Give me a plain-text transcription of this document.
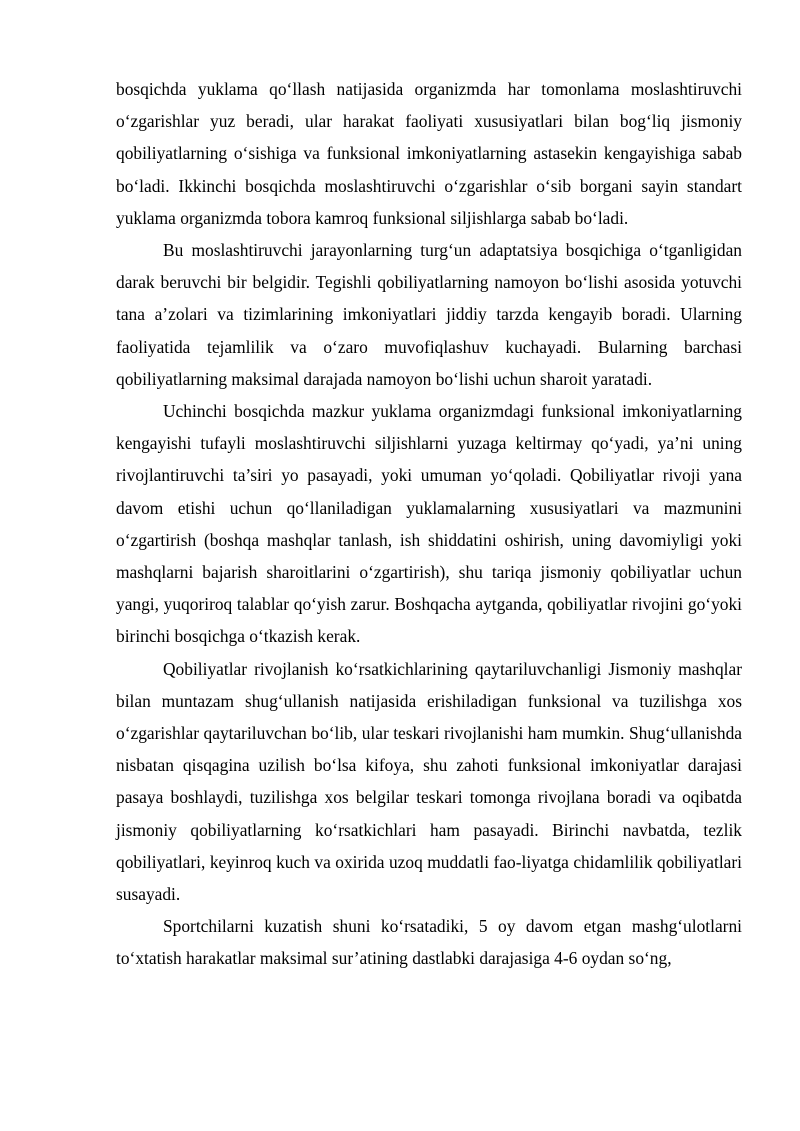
bosqichda yuklama qo‘llash natijasida organizmda har tomonlama moslashtiruvchi o‘zgarishlar yuz beradi, ular harakat faoliyati xususiyatlari bilan bog‘liq jismoniy qobiliyatlarning o‘sishiga va funksional imkoniyatlarning astasekin kengayishiga sabab bo‘ladi. Ikkinchi bosqichda moslashtiruvchi o‘zgarishlar o‘sib borgani sayin standart yuklama organizmda tobora kamroq funksional siljishlarga sabab bo‘ladi.

Bu moslashtiruvchi jarayonlarning turg‘un adaptatsiya bosqichiga o‘tganligidan darak beruvchi bir belgidir. Tegishli qobiliyatlarning namoyon bo‘lishi asosida yotuvchi tana a’zolari va tizimlarining imkoniyatlari jiddiy tarzda kengayib boradi. Ularning faoliyatida tejamlilik va o‘zaro muvofiqlashuv kuchayadi. Bularning barchasi qobiliyatlarning maksimal darajada namoyon bo‘lishi uchun sharoit yaratadi.

Uchinchi bosqichda mazkur yuklama organizmdagi funksional imkoniyatlarning kengayishi tufayli moslashtiruvchi siljishlarni yuzaga keltirmay qo‘yadi, ya’ni uning rivojlantiruvchi ta’siri yo pasayadi, yoki umuman yo‘qoladi. Qobiliyatlar rivoji yana davom etishi uchun qo‘llaniladigan yuklamalarning xususiyatlari va mazmunini o‘zgartirish (boshqa mashqlar tanlash, ish shiddatini oshirish, uning davomiyligi yoki mashqlarni bajarish sharoitlarini o‘zgartirish), shu tariqa jismoniy qobiliyatlar uchun yangi, yuqoriroq talablar qo‘yish zarur. Boshqacha aytganda, qobiliyatlar rivojini go‘yoki birinchi bosqichga o‘tkazish kerak.

Qobiliyatlar rivojlanish ko‘rsatkichlarining qaytariluvchanligi Jismoniy mashqlar bilan muntazam shug‘ullanish natijasida erishiladigan funksional va tuzilishga xos o‘zgarishlar qaytariluvchan bo‘lib, ular teskari rivojlanishi ham mumkin. Shug‘ullanishda nisbatan qisqagina uzilish bo‘lsa kifoya, shu zahoti funksional imkoniyatlar darajasi pasaya boshlaydi, tuzilishga xos belgilar teskari tomonga rivojlana boradi va oqibatda jismoniy qobiliyatlarning ko‘rsatkichlari ham pasayadi. Birinchi navbatda, tezlik qobiliyatlari, keyinroq kuch va oxirida uzoq muddatli fao-liyatga chidamlilik qobiliyatlari susayadi.

Sportchilarni kuzatish shuni ko‘rsatadiki, 5 oy davom etgan mashg‘ulotlarni to‘xtatish harakatlar maksimal sur’atining dastlabki darajasiga 4-6 oydan so‘ng,
